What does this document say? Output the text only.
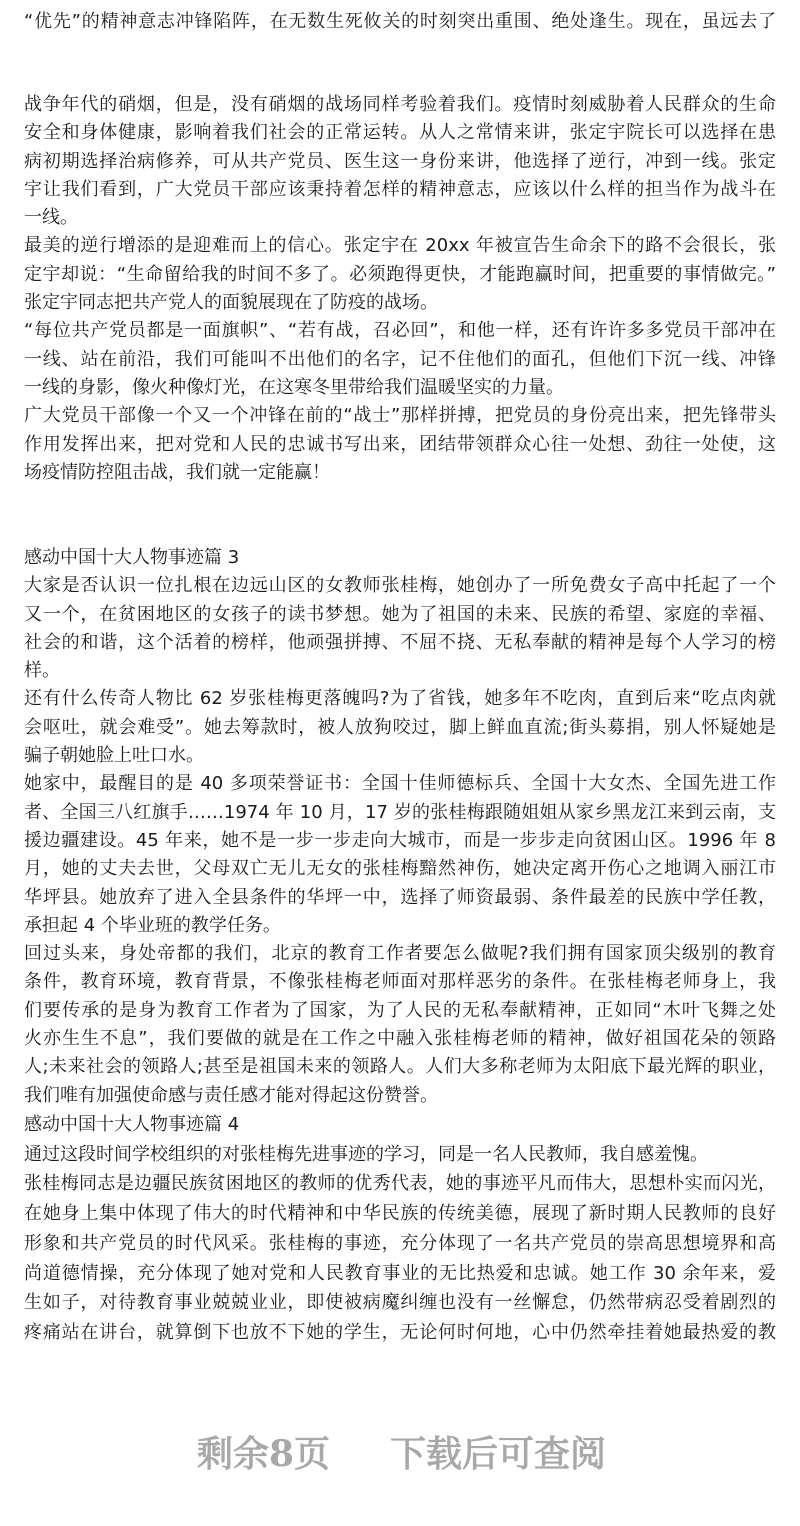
“优先”的精神意志冲锋陷阵，在无数生死攸关的时刻突出重围、绝处逢生。现在，虽远去了
战争年代的硝烟，但是，没有硝烟的战场同样考验着我们。疫情时刻威胁着人民群众的生命
安全和身体健康，影响着我们社会的正常运转。从人之常情来讲，张定宇院长可以选择在患
病初期选择治病修养，可从共产党员、医生这一身份来讲，他选择了逆行，冲到一线。张定
宇让我们看到，广大党员干部应该秉持着怎样的精神意志，应该以什么样的担当作为战斗在
一线。
最美的逆行增添的是迎难而上的信心。张定宇在 20xx 年被宣告生命余下的路不会很长，张
定宇却说：“生命留给我的时间不多了。必须跑得更快，才能跑赢时间，把重要的事情做完。”
张定宇同志把共产党人的面貌展现在了防疫的战场。
“每位共产党员都是一面旗帜”、“若有战，召必回”，和他一样，还有许许多多党员干部冲在
一线、站在前沿，我们可能叫不出他们的名字，记不住他们的面孔，但他们下沉一线、冲锋
一线的身影，像火种像灯光，在这寒冬里带给我们温暖坚实的力量。
广大党员干部像一个又一个冲锋在前的“战士”那样拼搏，把党员的身份亮出来，把先锋带头
作用发挥出来，把对党和人民的忠诚书写出来，团结带领群众心往一处想、劲往一处使，这
场疫情防控阻击战，我们就一定能赢！
感动中国十大人物事迹篇 3
大家是否认识一位扎根在边远山区的女教师张桂梅，她创办了一所免费女子高中托起了一个
又一个，在贫困地区的女孩子的读书梦想。她为了祖国的未来、民族的希望、家庭的幸福、
社会的和谐，这个活着的榜样，他顽强拼搏、不屈不挠、无私奉献的精神是每个人学习的榜
样。
还有什么传奇人物比 62 岁张桂梅更落魄吗?为了省钱，她多年不吃肉，直到后来“吃点肉就
会呕吐，就会难受”。她去筹款时，被人放狗咬过，脚上鲜血直流;街头募捐，别人怀疑她是
骗子朝她脸上吐口水。
她家中，最醒目的是 40 多项荣誉证书：全国十佳师德标兵、全国十大女杰、全国先进工作
者、全国三八红旗手……1974 年 10 月，17 岁的张桂梅跟随姐姐从家乡黑龙江来到云南，支
援边疆建设。45 年来，她不是一步一步走向大城市，而是一步步走向贫困山区。1996 年 8
月，她的丈夫去世，父母双亡无儿无女的张桂梅黯然神伤，她决定离开伤心之地调入丽江市
华坪县。她放弃了进入全县条件的华坪一中，选择了师资最弱、条件最差的民族中学任教，
承担起 4 个毕业班的教学任务。
回过头来，身处帝都的我们，北京的教育工作者要怎么做呢?我们拥有国家顶尖级别的教育
条件，教育环境，教育背景，不像张桂梅老师面对那样恶劣的条件。在张桂梅老师身上，我
们要传承的是身为教育工作者为了国家，为了人民的无私奉献精神，正如同“木叶飞舞之处
火亦生生不息”，我们要做的就是在工作之中融入张桂梅老师的精神，做好祖国花朵的领路
人;未来社会的领路人;甚至是祖国未来的领路人。人们大多称老师为太阳底下最光辉的职业，
我们唯有加强使命感与责任感才能对得起这份赞誉。
感动中国十大人物事迹篇 4
通过这段时间学校组织的对张桂梅先进事迹的学习，同是一名人民教师，我自感羞愧。
张桂梅同志是边疆民族贫困地区的教师的优秀代表，她的事迹平凡而伟大，思想朴实而闪光，
在她身上集中体现了伟大的时代精神和中华民族的传统美德，展现了新时期人民教师的良好
形象和共产党员的时代风采。张桂梅的事迹，充分体现了一名共产党员的崇高思想境界和高
尚道德情操，充分体现了她对党和人民教育事业的无比热爱和忠诚。她工作 30 余年来，爱
生如子，对待教育事业兢兢业业，即使被病魔纠缠也没有一丝懈怠，仍然带病忍受着剧烈的
疼痛站在讲台，就算倒下也放不下她的学生，无论何时何地，心中仍然牵挂着她最热爱的教
剩余8页 下载后可查阅
